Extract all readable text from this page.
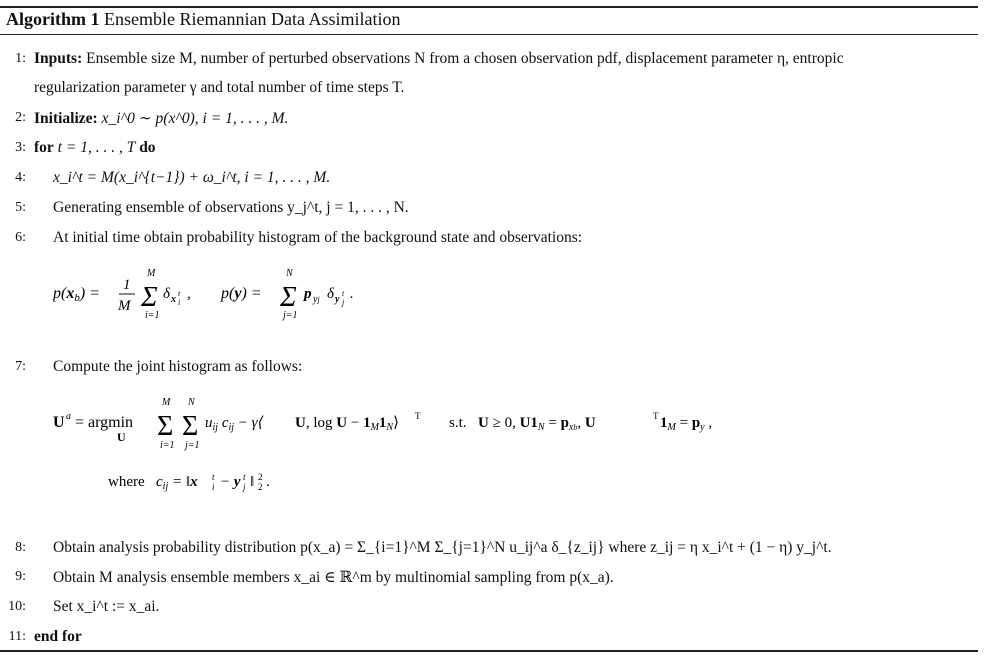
Algorithm 1 Ensemble Riemannian Data Assimilation
1: Inputs: Ensemble size M, number of perturbed observations N from a chosen observation pdf, displacement parameter η, entropic
regularization parameter γ and total number of time steps T.
2: Initialize: x_i^0 ∼ p(x^0), i = 1, . . . , M.
3: for t = 1, . . . , T do
4: x_i^t = M(x_i^{t−1}) + ω_i^t, i = 1, . . . , M.
5: Generating ensemble of observations y_j^t, j = 1, . . . , N.
6: At initial time obtain probability histogram of the background state and observations:
p(xb) = 1
M
M
Σ
i=1
δ x i
t , p(y) =
N
Σ
j=1
p yj δ y j
t .
7: Compute the joint histogram as follows:
U a = argmin
U
M
Σ
i=1
N
Σ
j=1
$u_{ij}$ $c_{ij}$ − γ⟨ U, $\log U - 1_M1_N⟩$ T s.t. U ≥ 0, $U1_N = p_{xb}$, U	T $1_M = p_y$ ,
where $c_{ij}$ = ‖x i
t − y j
t ‖ 2
2 .
8: Obtain analysis probability distribution p(x_a) = Σ_{i=1}^M Σ_{j=1}^N u_ij^a δ_{z_ij} where z_ij = η x_i^t + (1 − η) y_j^t.
9: Obtain M analysis ensemble members x_ai ∈ ℝ^m by multinomial sampling from p(x_a).
10: Set x_i^t := x_ai.
11: end for
